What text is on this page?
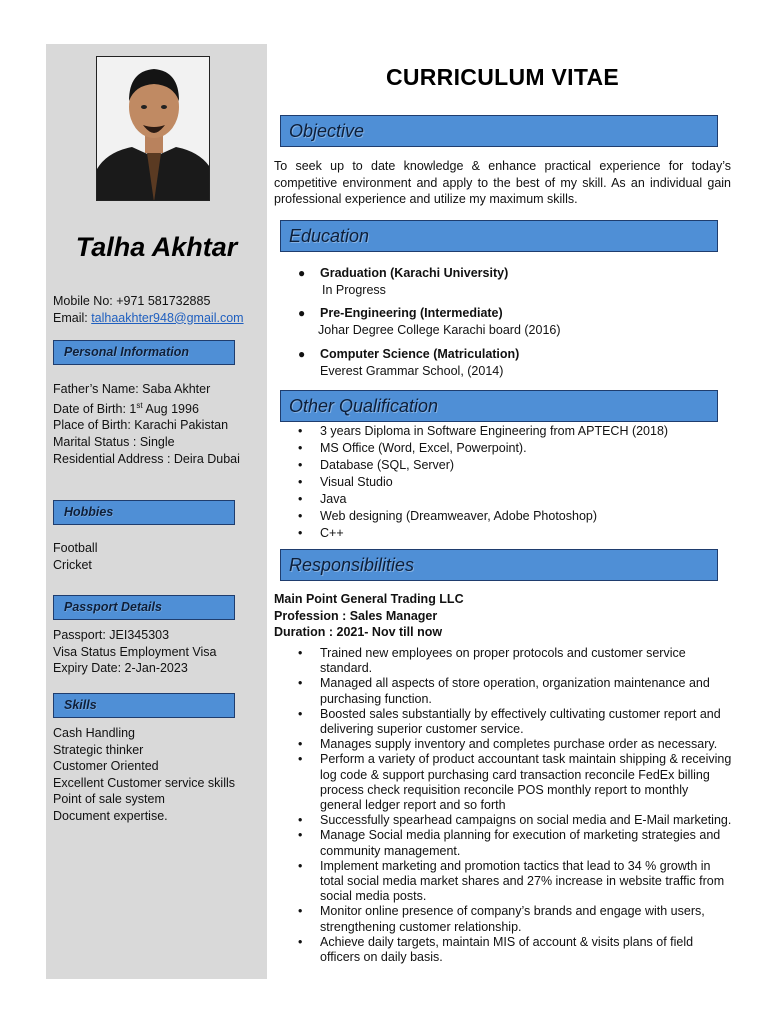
Talha Akhtar
Mobile No: +971 581732885
Email: talhaakhter948@gmail.com
Personal Information
Father’s Name: Saba Akhter
Date of Birth: 1st Aug 1996
Place of Birth: Karachi Pakistan
Marital Status : Single
Residential Address : Deira Dubai
Hobbies
Football
Cricket
Passport Details
Passport: JEI345303
Visa Status Employment Visa
Expiry Date: 2-Jan-2023
Skills
Cash Handling
Strategic thinker
Customer Oriented
Excellent Customer service skills
Point of sale system
Document expertise.
CURRICULUM VITAE
Objective
To seek up to date knowledge & enhance practical experience for today’s competitive environment and apply to the best of my skill. As an individual gain professional experience and utilize my maximum skills.
Education
● Graduation (Karachi University)
In Progress
● Pre-Engineering (Intermediate)
Johar Degree College Karachi board (2016)
● Computer Science (Matriculation)
Everest Grammar School, (2014)
Other Qualification
• 3 years Diploma in Software Engineering from APTECH (2018)
• MS Office (Word, Excel, Powerpoint).
• Database (SQL, Server)
• Visual Studio
• Java
• Web designing (Dreamweaver, Adobe Photoshop)
• C++
Responsibilities
Main Point General Trading LLC
Profession : Sales Manager
Duration : 2021- Nov till now
• Trained new employees on proper protocols and customer service standard.
• Managed all aspects of store operation, organization maintenance and purchasing function.
• Boosted sales substantially by effectively cultivating customer report and delivering superior customer service.
• Manages supply inventory and completes purchase order as necessary.
• Perform a variety of product accountant task maintain shipping & receiving log code & support purchasing card transaction reconcile FedEx billing process check requisition reconcile POS monthly report to monthly general ledger report and so forth
• Successfully spearhead campaigns on social media and E-Mail marketing.
• Manage Social media planning for execution of marketing strategies and community management.
• Implement marketing and promotion tactics that lead to 34 % growth in total social media market shares and 27% increase in website traffic from social media posts.
• Monitor online presence of company’s brands and engage with users, strengthening customer relationship.
• Achieve daily targets, maintain MIS of account & visits plans of field officers on daily basis.
